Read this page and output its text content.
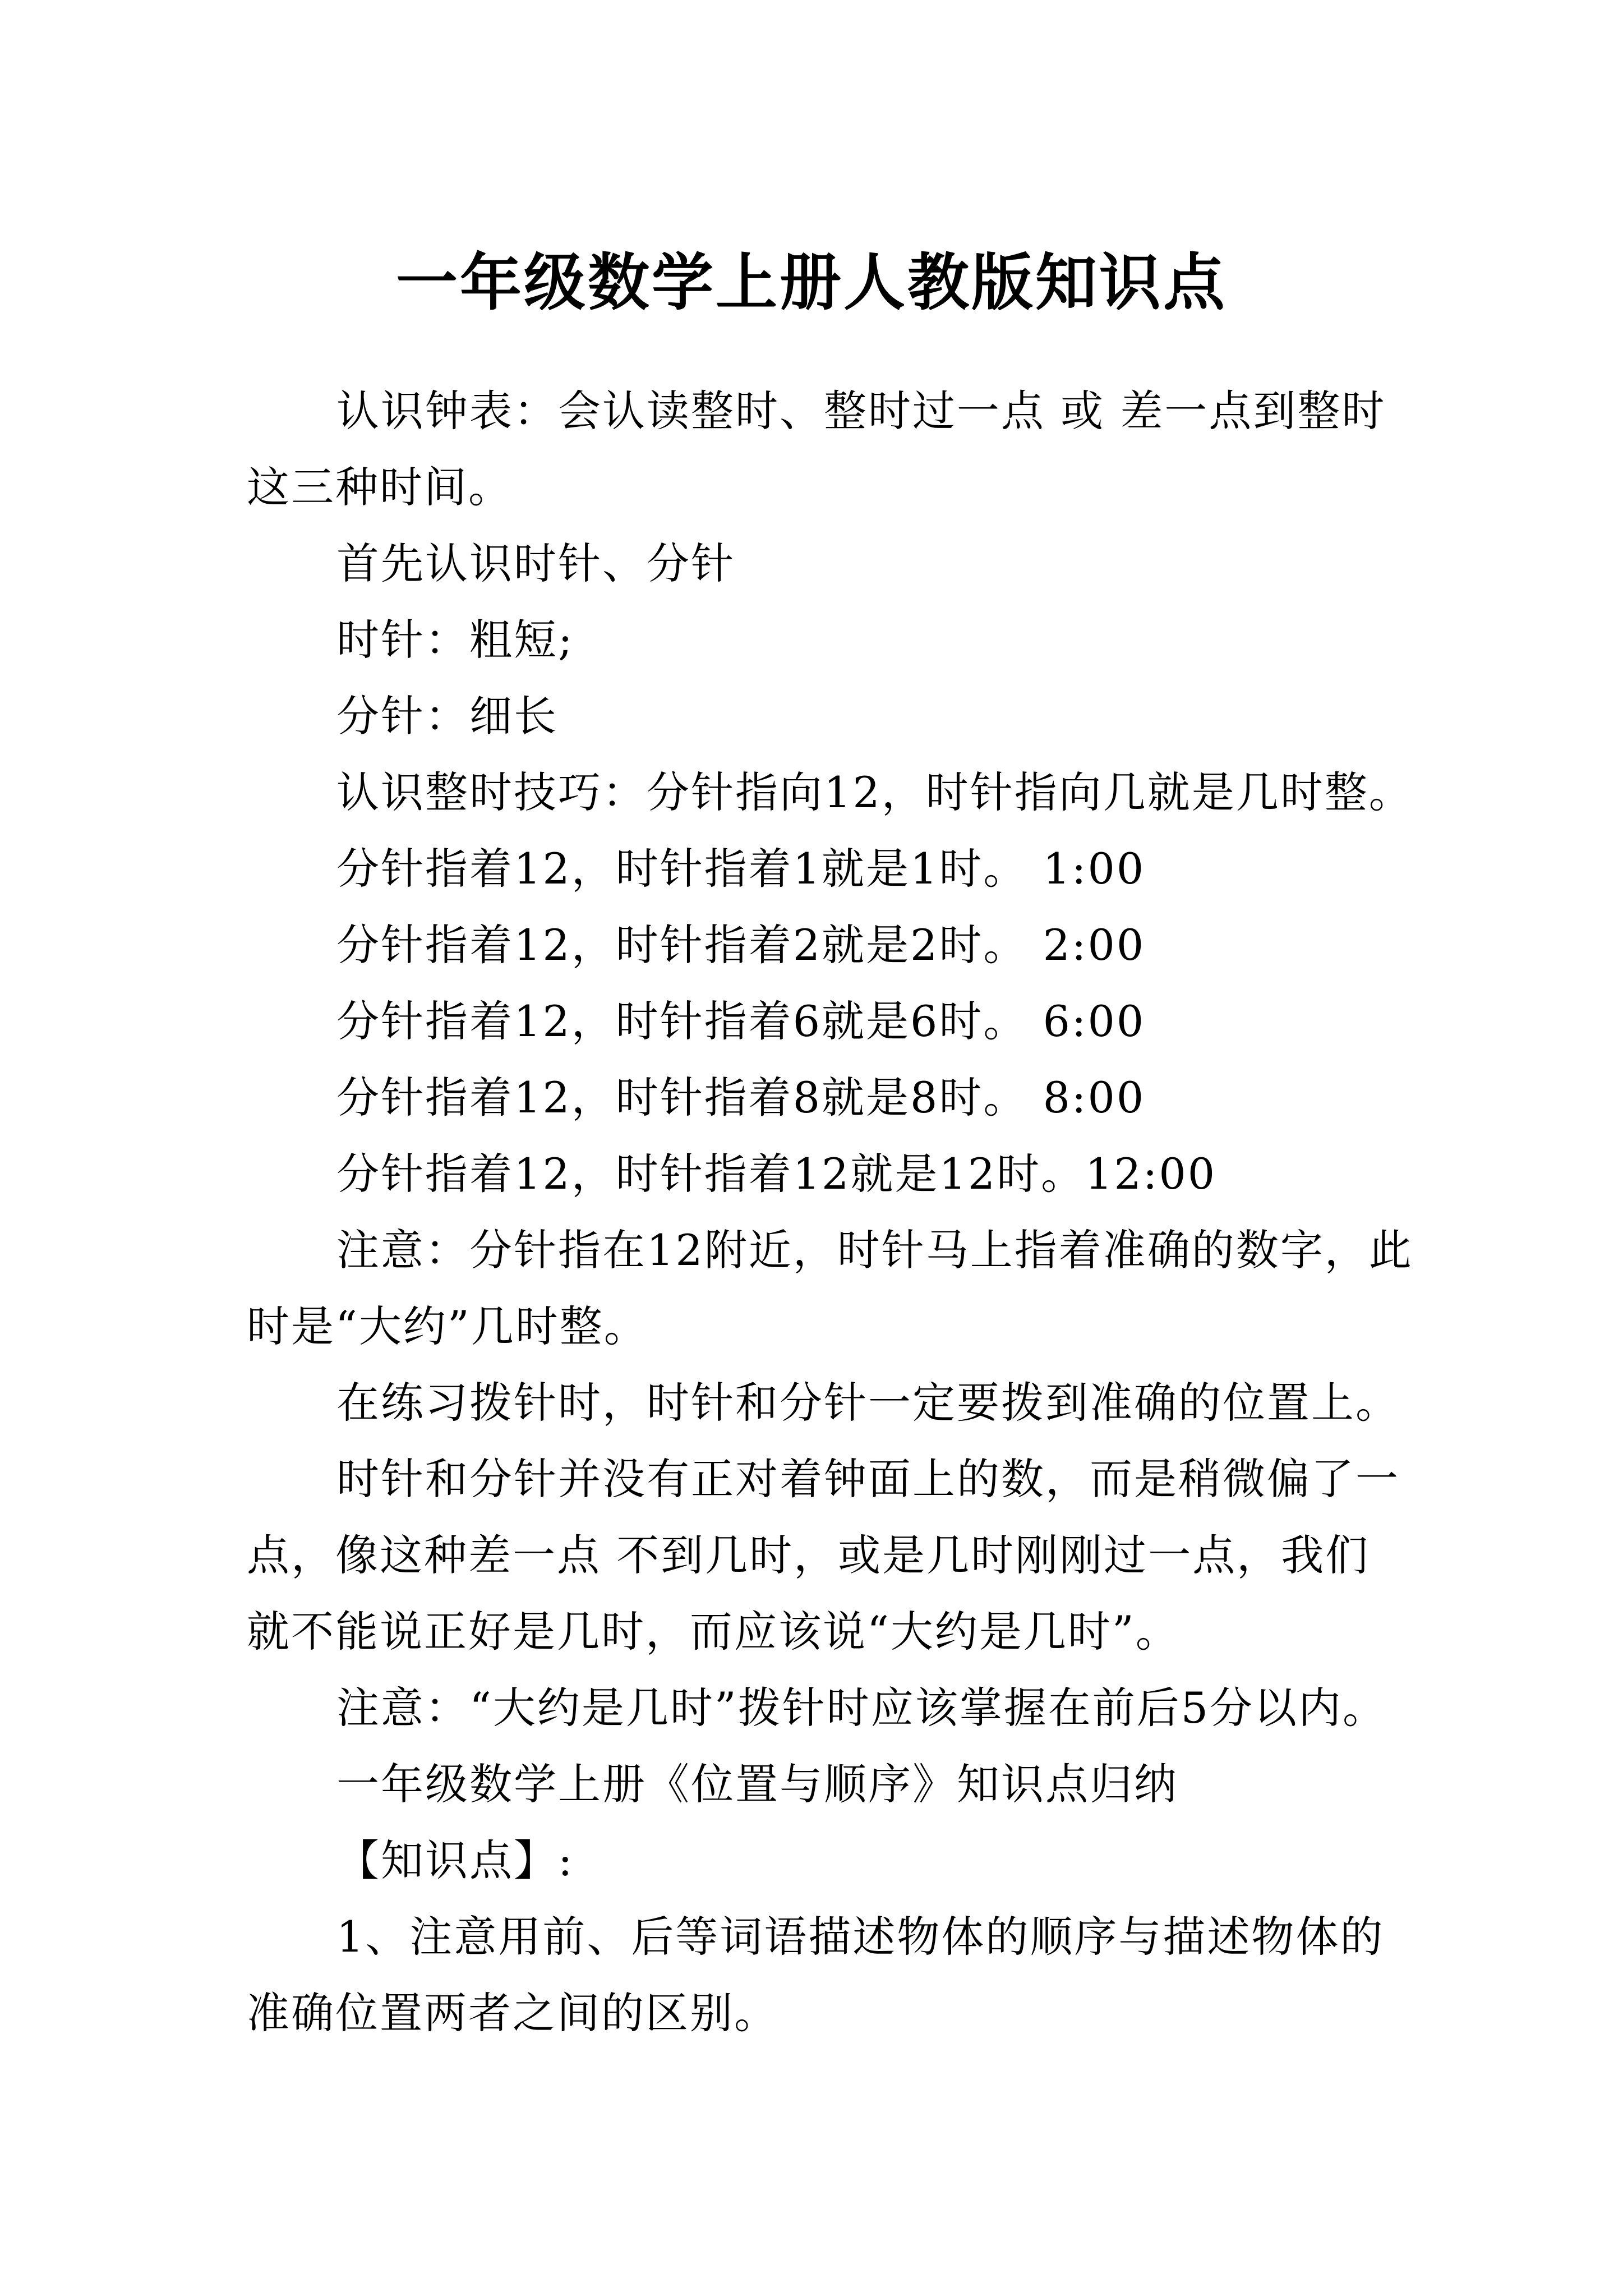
一年级数学上册人教版知识点

认识钟表：会认读整时、整时过一点 或 差一点到整时这三种时间。

首先认识时针、分针

时针：粗短;

分针：细长

认识整时技巧：分针指向12，时针指向几就是几时整。

分针指着12，时针指着1就是1时。 1:00

分针指着12，时针指着2就是2时。 2:00

分针指着12，时针指着6就是6时。 6:00

分针指着12，时针指着8就是8时。 8:00

分针指着12，时针指着12就是12时。12:00

注意：分针指在12附近，时针马上指着准确的数字，此时是“大约”几时整。

在练习拨针时，时针和分针一定要拨到准确的位置上。

时针和分针并没有正对着钟面上的数，而是稍微偏了一点，像这种差一点 不到几时，或是几时刚刚过一点，我们就不能说正好是几时，而应该说“大约是几时”。

注意：“大约是几时”拨针时应该掌握在前后5分以内。

一年级数学上册《位置与顺序》知识点归纳

【知识点】:

1、注意用前、后等词语描述物体的顺序与描述物体的准确位置两者之间的区别。
